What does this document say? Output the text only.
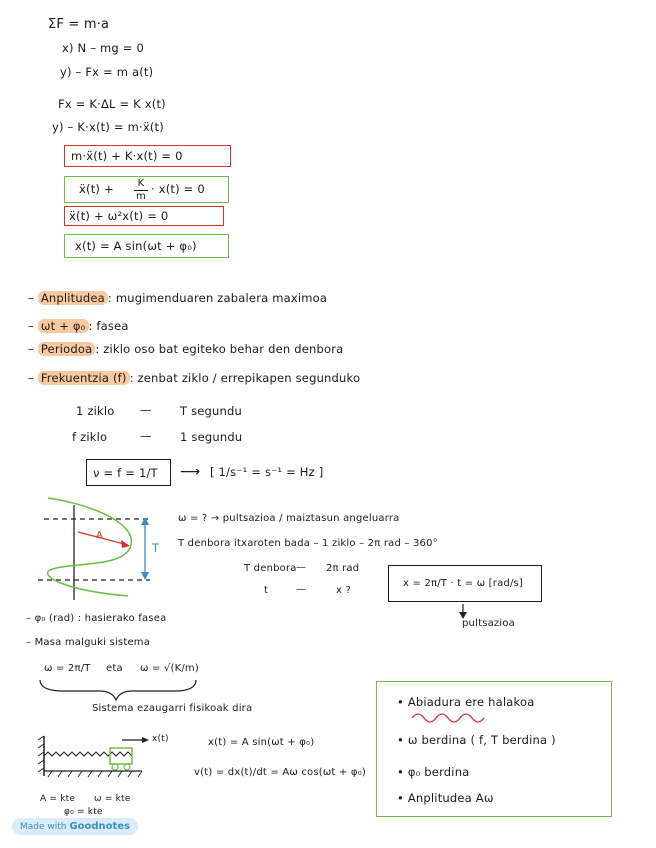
ΣF = m·a
x) N – mg = 0
y) – Fx = m a(t)
Fx = K·ΔL = K x(t)
y) – K·x(t) = m·ẍ(t)
m·ẍ(t) + K·x(t) = 0
ẍ(t) + K
m
· x(t) = 0
ẍ(t) + ω²x(t) = 0
x(t) = A sin(ωt + φ₀)
– Anplitudea : mugimenduaren zabalera maximoa
– ωt + φ₀ : fasea
– Periodoa : ziklo oso bat egiteko behar den denbora
– Frekuentzia (f) : zenbat ziklo / errepikapen segunduko
1 ziklo — T segundu
f ziklo	— 1 segundu
ν = f = 1/T ⟶ [ 1/s⁻¹ = s⁻¹ = Hz ]
A
T
ω = ? → pultsazioa / maiztasun angeluarra
T denbora itxaroten bada – 1 ziklo – 2π rad – 360°
T denbora — 2π rad
t	—	x ?
x = 2π/T · t = ω [rad/s]
pultsazioa
– φ₀ (rad) : hasierako fasea
– Masa malguki sistema
ω = 2π/T eta ω = √(K/m)
Sistema ezaugarri fisikoak dira
x(t)	x(t) = A sin(ωt + φ₀)
v(t) = dx(t)/dt = Aω cos(ωt + φ₀)
A = kte ω = kte
φ₀ = kte
• Abiadura ere halakoa
• ω berdina ( f, T berdina )
• φ₀ berdina
• Anplitudea Aω
Made with Goodnotes
